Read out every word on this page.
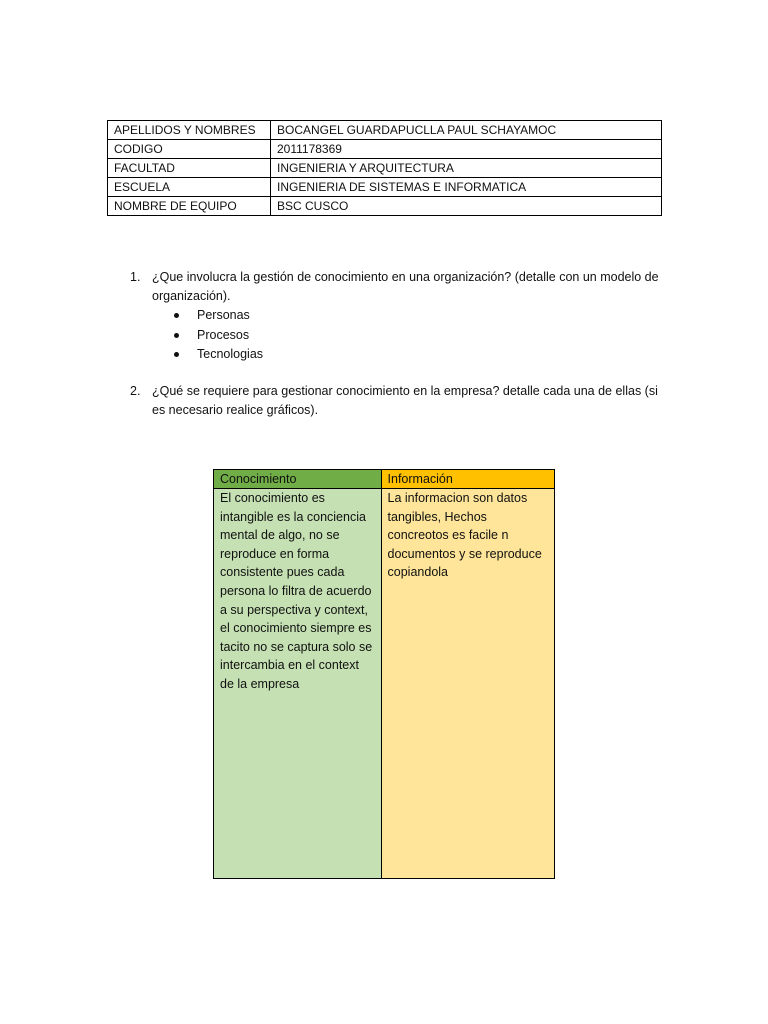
APELLIDOS Y NOMBRES	BOCANGEL GUARDAPUCLLA PAUL SCHAYAMOC
CODIGO	2011178369
FACULTAD	INGENIERIA Y ARQUITECTURA
ESCUELA	INGENIERIA DE SISTEMAS E INFORMATICA
NOMBRE DE EQUIPO	BSC CUSCO
1. ¿Que involucra la gestión de conocimiento en una organización? (detalle con un modelo de organización).
Personas
Procesos
Tecnologias
2. ¿Qué se requiere para gestionar conocimiento en la empresa? detalle cada una de ellas (si es necesario realice gráficos).
Conocimiento	Información
El conocimiento es intangible es la conciencia mental de algo, no se reproduce en forma consistente pues cada persona lo filtra de acuerdo a su perspectiva y context, el conocimiento siempre es tacito no se captura solo se intercambia en el context de la empresa	La informacion son datos tangibles, Hechos concreotos es facile n documentos y se reproduce copiandola
